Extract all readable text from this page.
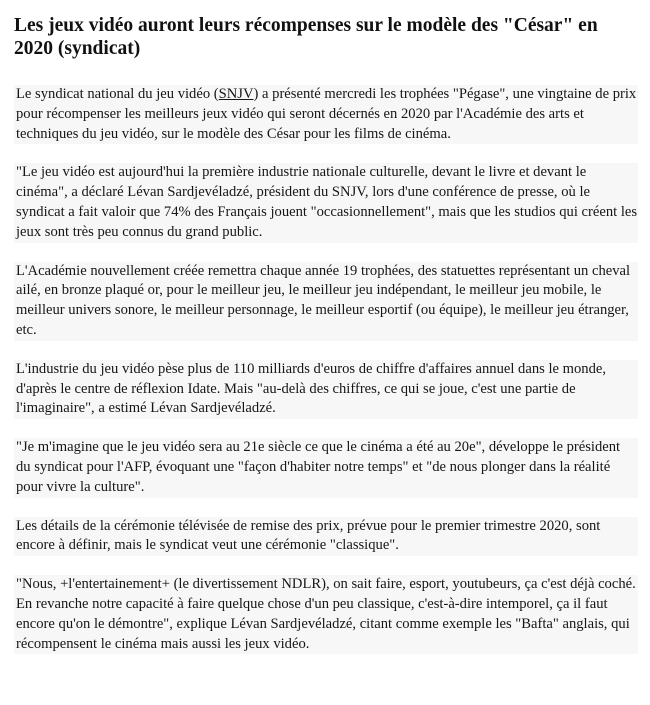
Les jeux vidéo auront leurs récompenses sur le modèle des "César" en 2020 (syndicat)

Le syndicat national du jeu vidéo (SNJV) a présenté mercredi les trophées "Pégase", une vingtaine de prix pour récompenser les meilleurs jeux vidéo qui seront décernés en 2020 par l'Académie des arts et techniques du jeu vidéo, sur le modèle des César pour les films de cinéma.

"Le jeu vidéo est aujourd'hui la première industrie nationale culturelle, devant le livre et devant le cinéma", a déclaré Lévan Sardjevéladzé, président du SNJV, lors d'une conférence de presse, où le syndicat a fait valoir que 74% des Français jouent "occasionnellement", mais que les studios qui créent les jeux sont très peu connus du grand public.

L'Académie nouvellement créée remettra chaque année 19 trophées, des statuettes représentant un cheval ailé, en bronze plaqué or, pour le meilleur jeu, le meilleur jeu indépendant, le meilleur jeu mobile, le meilleur univers sonore, le meilleur personnage, le meilleur esportif (ou équipe), le meilleur jeu étranger, etc.

L'industrie du jeu vidéo pèse plus de 110 milliards d'euros de chiffre d'affaires annuel dans le monde, d'après le centre de réflexion Idate. Mais "au-delà des chiffres, ce qui se joue, c'est une partie de l'imaginaire", a estimé Lévan Sardjevéladzé.

"Je m'imagine que le jeu vidéo sera au 21e siècle ce que le cinéma a été au 20e", développe le président du syndicat pour l'AFP, évoquant une "façon d'habiter notre temps" et "de nous plonger dans la réalité pour vivre la culture".

Les détails de la cérémonie télévisée de remise des prix, prévue pour le premier trimestre 2020, sont encore à définir, mais le syndicat veut une cérémonie "classique".

"Nous, +l'entertainement+ (le divertissement NDLR), on sait faire, esport, youtubeurs, ça c'est déjà coché. En revanche notre capacité à faire quelque chose d'un peu classique, c'est-à-dire intemporel, ça il faut encore qu'on le démontre", explique Lévan Sardjevéladzé, citant comme exemple les "Bafta" anglais, qui récompensent le cinéma mais aussi les jeux vidéo.
